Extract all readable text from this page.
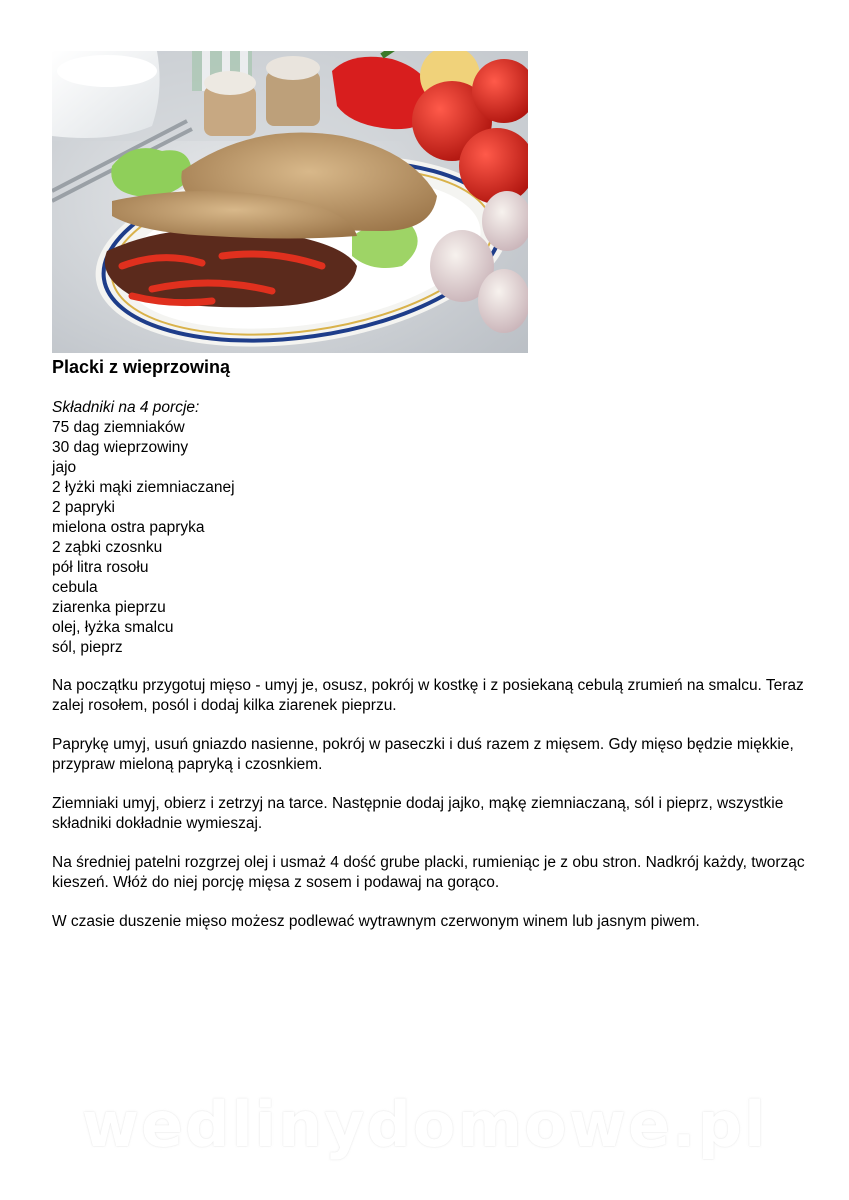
Placki z wieprzowiną
Składniki na 4 porcje:
75 dag ziemniaków
30 dag wieprzowiny
jajo
2 łyżki mąki ziemniaczanej
2 papryki
mielona ostra papryka
2 ząbki czosnku
pół litra rosołu
cebula
ziarenka pieprzu
olej, łyżka smalcu
sól, pieprz

Na początku przygotuj mięso - umyj je, osusz, pokrój w kostkę i z posiekaną cebulą zrumień na smalcu. Teraz zalej rosołem, posól i dodaj kilka ziarenek pieprzu.

Paprykę umyj, usuń gniazdo nasienne, pokrój w paseczki i duś razem z mięsem. Gdy mięso będzie miękkie, przypraw mieloną papryką i czosnkiem.

Ziemniaki umyj, obierz i zetrzyj na tarce. Następnie dodaj jajko, mąkę ziemniaczaną, sól i pieprz, wszystkie składniki dokładnie wymieszaj.

Na średniej patelni rozgrzej olej i usmaż 4 dość grube placki, rumieniąc je z obu stron. Nadkrój każdy, tworząc kieszeń. Włóż do niej porcję mięsa z sosem i podawaj na gorąco.

W czasie duszenie mięso możesz podlewać wytrawnym czerwonym winem lub jasnym piwem.

wedlinydomowe.pl
